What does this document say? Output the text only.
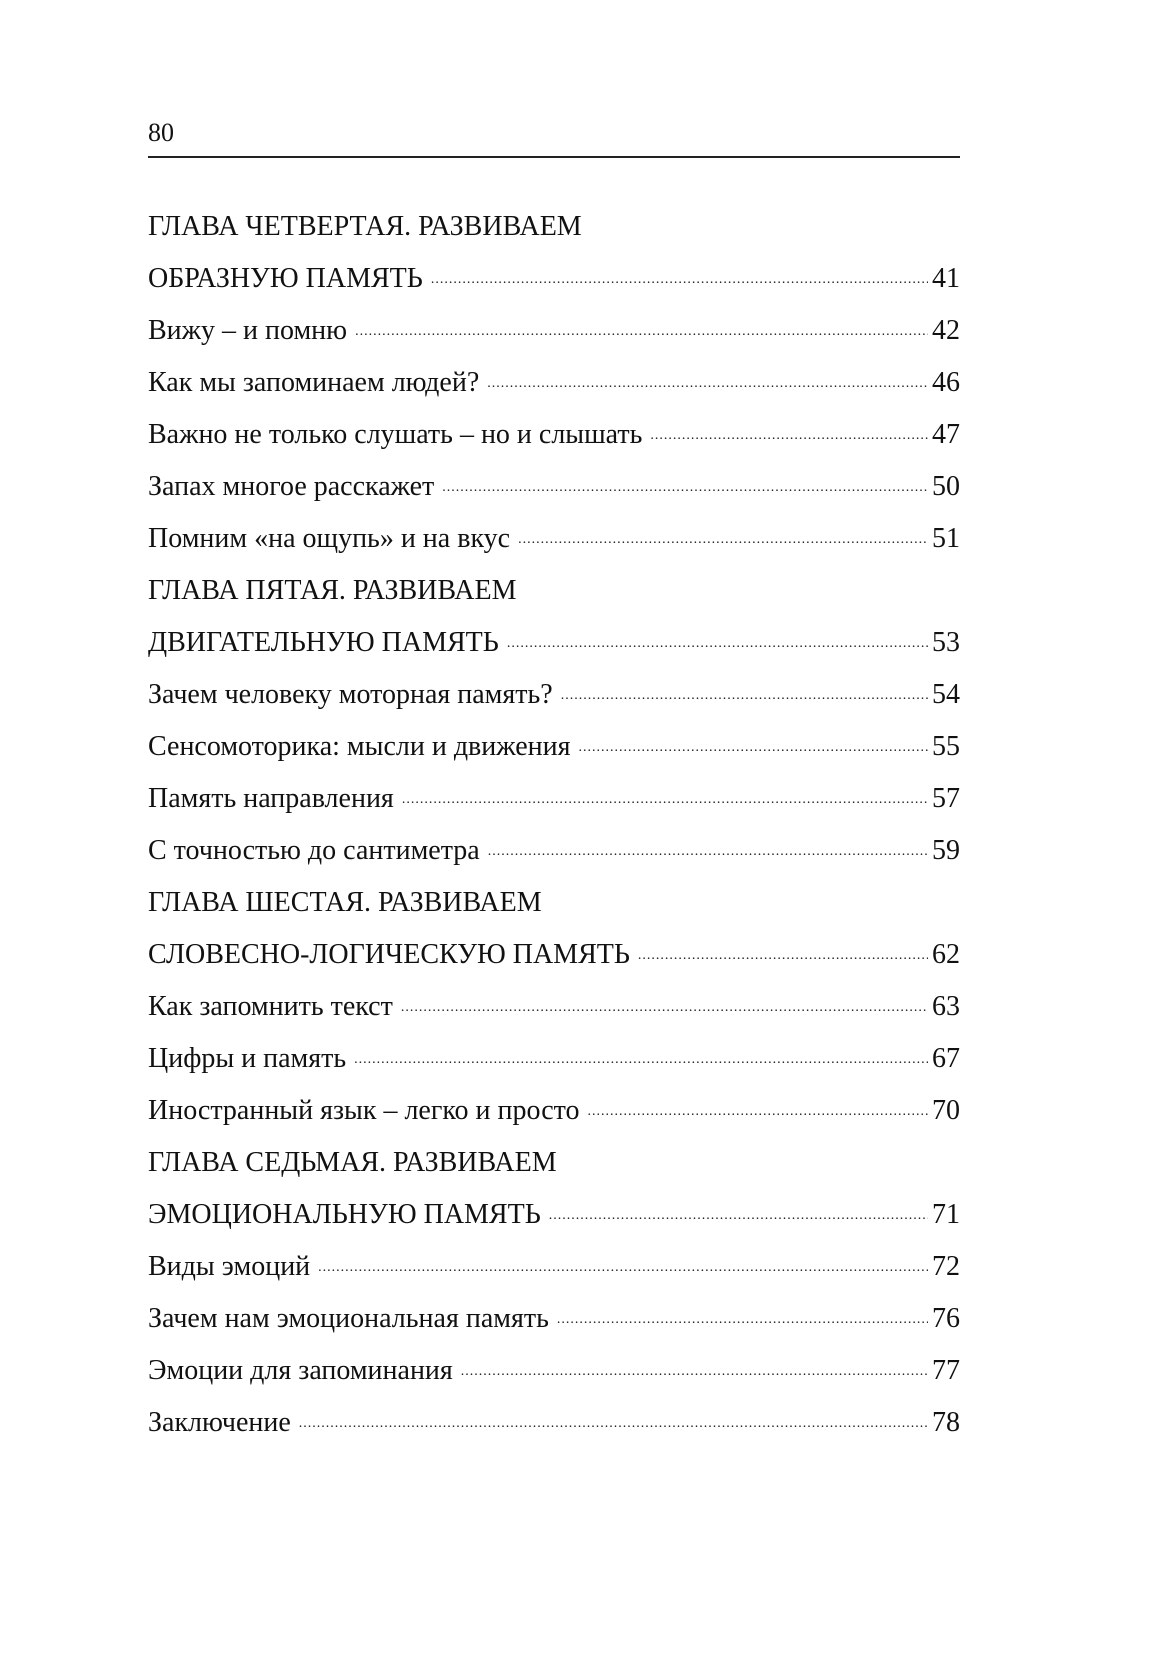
80
ГЛАВА ЧЕТВЕРТАЯ. РАЗВИВАЕМ
ОБРАЗНУЮ ПАМЯТЬ .....	41
Вижу – и помню .....	42
Как мы запоминаем людей? .....	46
Важно не только слушать – но и слышать .....	47
Запах многое расскажет .....	50
Помним «на ощупь» и на вкус .....	51
ГЛАВА ПЯТАЯ. РАЗВИВАЕМ
ДВИГАТЕЛЬНУЮ ПАМЯТЬ .....	53
Зачем человеку моторная память? .....	54
Сенсомоторика: мысли и движения .....	55
Память направления .....	57
С точностью до сантиметра .....	59
ГЛАВА ШЕСТАЯ. РАЗВИВАЕМ
СЛОВЕСНО-ЛОГИЧЕСКУЮ ПАМЯТЬ .....	62
Как запомнить текст .....	63
Цифры и память .....	67
Иностранный язык – легко и просто .....	70
ГЛАВА СЕДЬМАЯ. РАЗВИВАЕМ
ЭМОЦИОНАЛЬНУЮ ПАМЯТЬ .....	71
Виды эмоций .....	72
Зачем нам эмоциональная память .....	76
Эмоции для запоминания .....	77
Заключение .....	78
